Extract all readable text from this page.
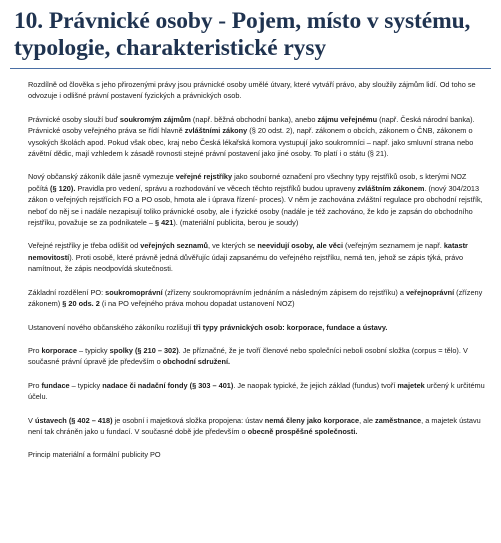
10. Právnické osoby - Pojem, místo v systému, typologie, charakteristické rysy

Rozdílně od člověka s jeho přirozenými právy jsou právnické osoby umělé útvary, které vytváří právo, aby sloužily zájmům lidí. Od toho se odvozuje i odlišné právní postavení fyzických a právnických osob.

Právnické osoby slouží buď soukromým zájmům (např. běžná obchodní banka), anebo zájmu veřejnému (např. Česká národní banka). Právnické osoby veřejného práva se řídí hlavně zvláštními zákony (§ 20 odst. 2), např. zákonem o obcích, zákonem o ČNB, zákonem o vysokých školách apod. Pokud však obec, kraj nebo Česká lékařská komora vystupují jako soukromníci – např. jako smluvní strana nebo závětní dědic, mají vzhledem k zásadě rovnosti stejné právní postavení jako jiné osoby. To platí i o státu (§ 21).

Nový občanský zákoník dále jasně vymezuje veřejné rejstříky jako souborné označení pro všechny typy rejstříků osob, s kterými NOZ počítá (§ 120). Pravidla pro vedení, správu a rozhodování ve věcech těchto rejstříků budou upraveny zvláštním zákonem. (nový 304/2013 zákon o veřejných rejstřících FO a PO osob, hmota ale i úprava řízení- proces). V něm je zachována zvláštní regulace pro obchodní rejstřík, neboť do něj se i nadále nezapisují toliko právnické osoby, ale i fyzické osoby (nadále je též zachováno, že kdo je zapsán do obchodního rejstříku, považuje se za podnikatele – § 421). (materiální publicita, berou je soudy)

Veřejné rejstříky je třeba odlišit od veřejných seznamů, ve kterých se neevidují osoby, ale věci (veřejným seznamem je např. katastr nemovitostí). Proti osobě, které právně jedná důvěřujíc údaji zapsanému do veřejného rejstříku, nemá ten, jehož se zápis týká, právo namítnout, že zápis neodpovídá skutečnosti.

Základní rozdělení PO: soukromoprávní (zřízeny soukromoprávním jednáním a následným zápisem do rejstříku) a veřejnoprávní (zřízeny zákonem) § 20 ods. 2 (i na PO veřejného práva mohou dopadat ustanovení NOZ)

Ustanovení nového občanského zákoníku rozlišují tři typy právnických osob: korporace, fundace a ústavy.

Pro korporace – typicky spolky (§ 210 – 302). Je příznačné, že je tvoří členové nebo společníci neboli osobní složka (corpus = tělo). V současné právní úpravě jde především o obchodní sdružení.

Pro fundace – typicky nadace či nadační fondy (§ 303 – 401). Je naopak typické, že jejich základ (fundus) tvoří majetek určený k určitému účelu.

V ústavech (§ 402 – 418) je osobní i majetková složka propojena: ústav nemá členy jako korporace, ale zaměstnance, a majetek ústavu není tak chráněn jako u fundací. V současné době jde především o obecně prospěšné společnosti.

Princip materiální a formální publicity PO
